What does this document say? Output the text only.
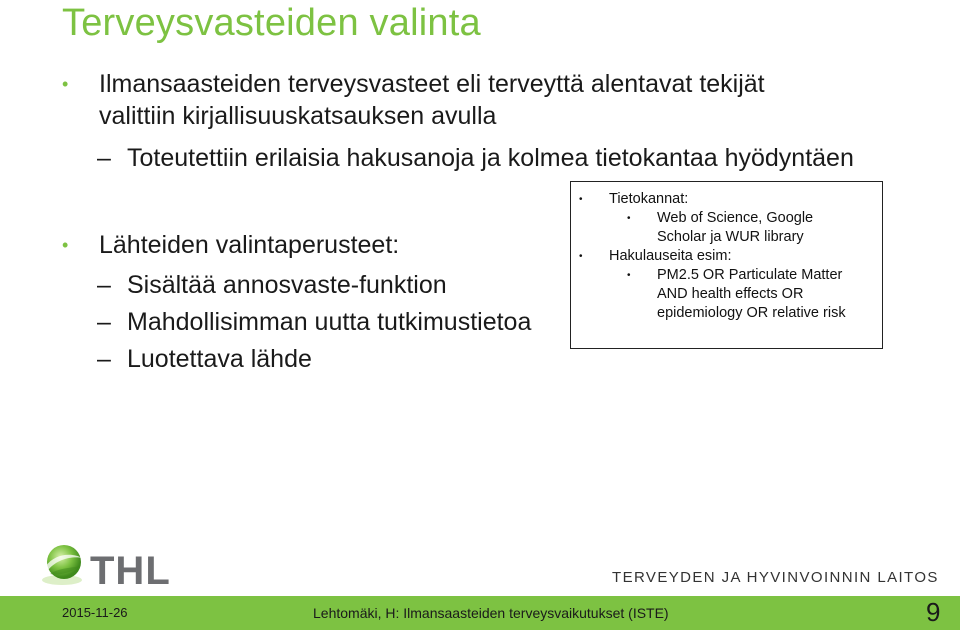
Terveysvasteiden valinta
• Ilmansaasteiden terveysvasteet eli terveyttä alentavat tekijät
valittiin kirjallisuuskatsauksen avulla
– Toteutettiin erilaisia hakusanoja ja kolmea tietokantaa hyödyntäen
• Lähteiden valintaperusteet:
– Sisältää annosvaste-funktion
– Mahdollisimman uutta tutkimustietoa
– Luotettava lähde
• Tietokannat:
• Web of Science, Google
Scholar ja WUR library
• Hakulauseita esim:
• PM2.5 OR Particulate Matter
AND health effects OR
epidemiology OR relative risk
THL	TERVEYDEN JA HYVINVOINNIN LAITOS
2015-11-26	Lehtomäki, H: Ilmansaasteiden terveysvaikutukset (ISTE)	9
